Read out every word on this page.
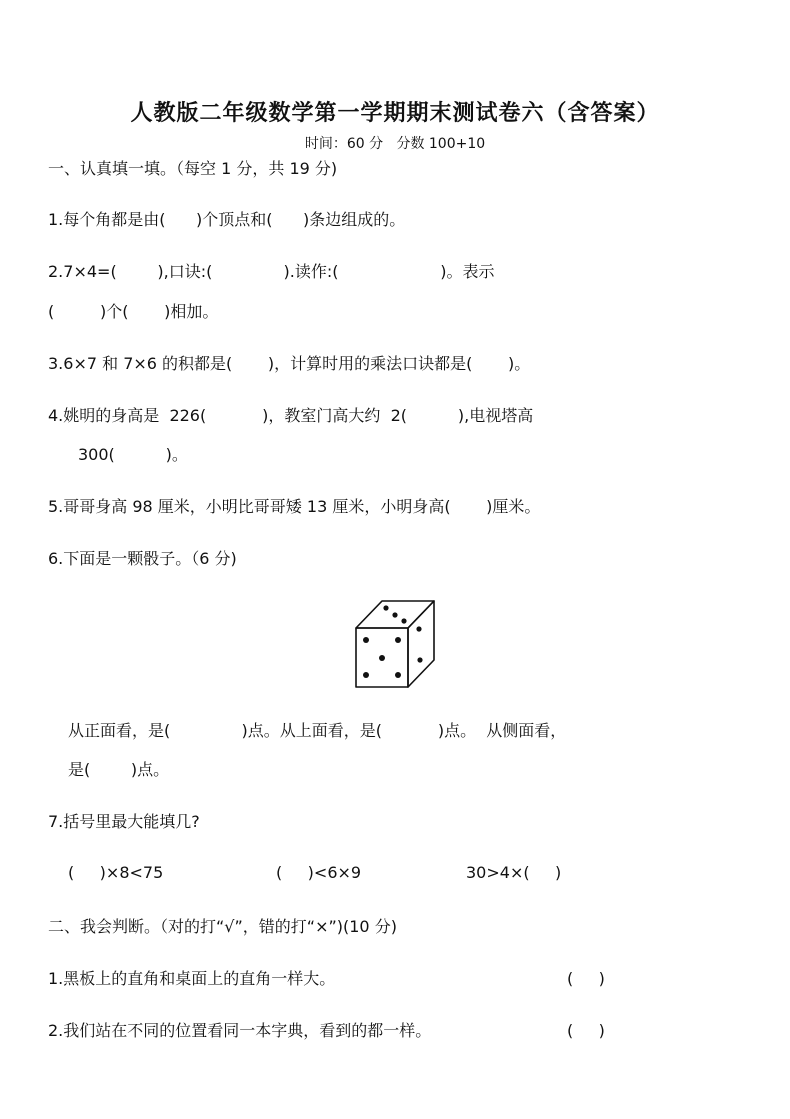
人教版二年级数学第一学期期末测试卷六（含答案）
时间：60 分   分数 100+10
一、认真填一填。（每空 1 分，共 19 分)
1.每个角都是由(      )个顶点和(      )条边组成的。
2.7×4=(        ),口诀:(              ).读作:(                    )。表示
(         )个(       )相加。
3.6×7 和 7×6 的积都是(       )，计算时用的乘法口诀都是(       )。
4.姚明的身高是  226(           )，教室门高大约  2(          ),电视塔高
300(          )。
5.哥哥身高 98 厘米，小明比哥哥矮 13 厘米，小明身高(       )厘米。
6.下面是一颗骰子。（6 分)
从正面看，是(              )点。从上面看，是(           )点。  从侧面看，
是(        )点。
7.括号里最大能填几?
(     )×8<75	(     )<6×9	30>4×(     )
二、我会判断。（对的打“√”，错的打“×”)(10 分)
1.黑板上的直角和桌面上的直角一样大。	(     )
2.我们站在不同的位置看同一本字典，看到的都一样。	(     )
